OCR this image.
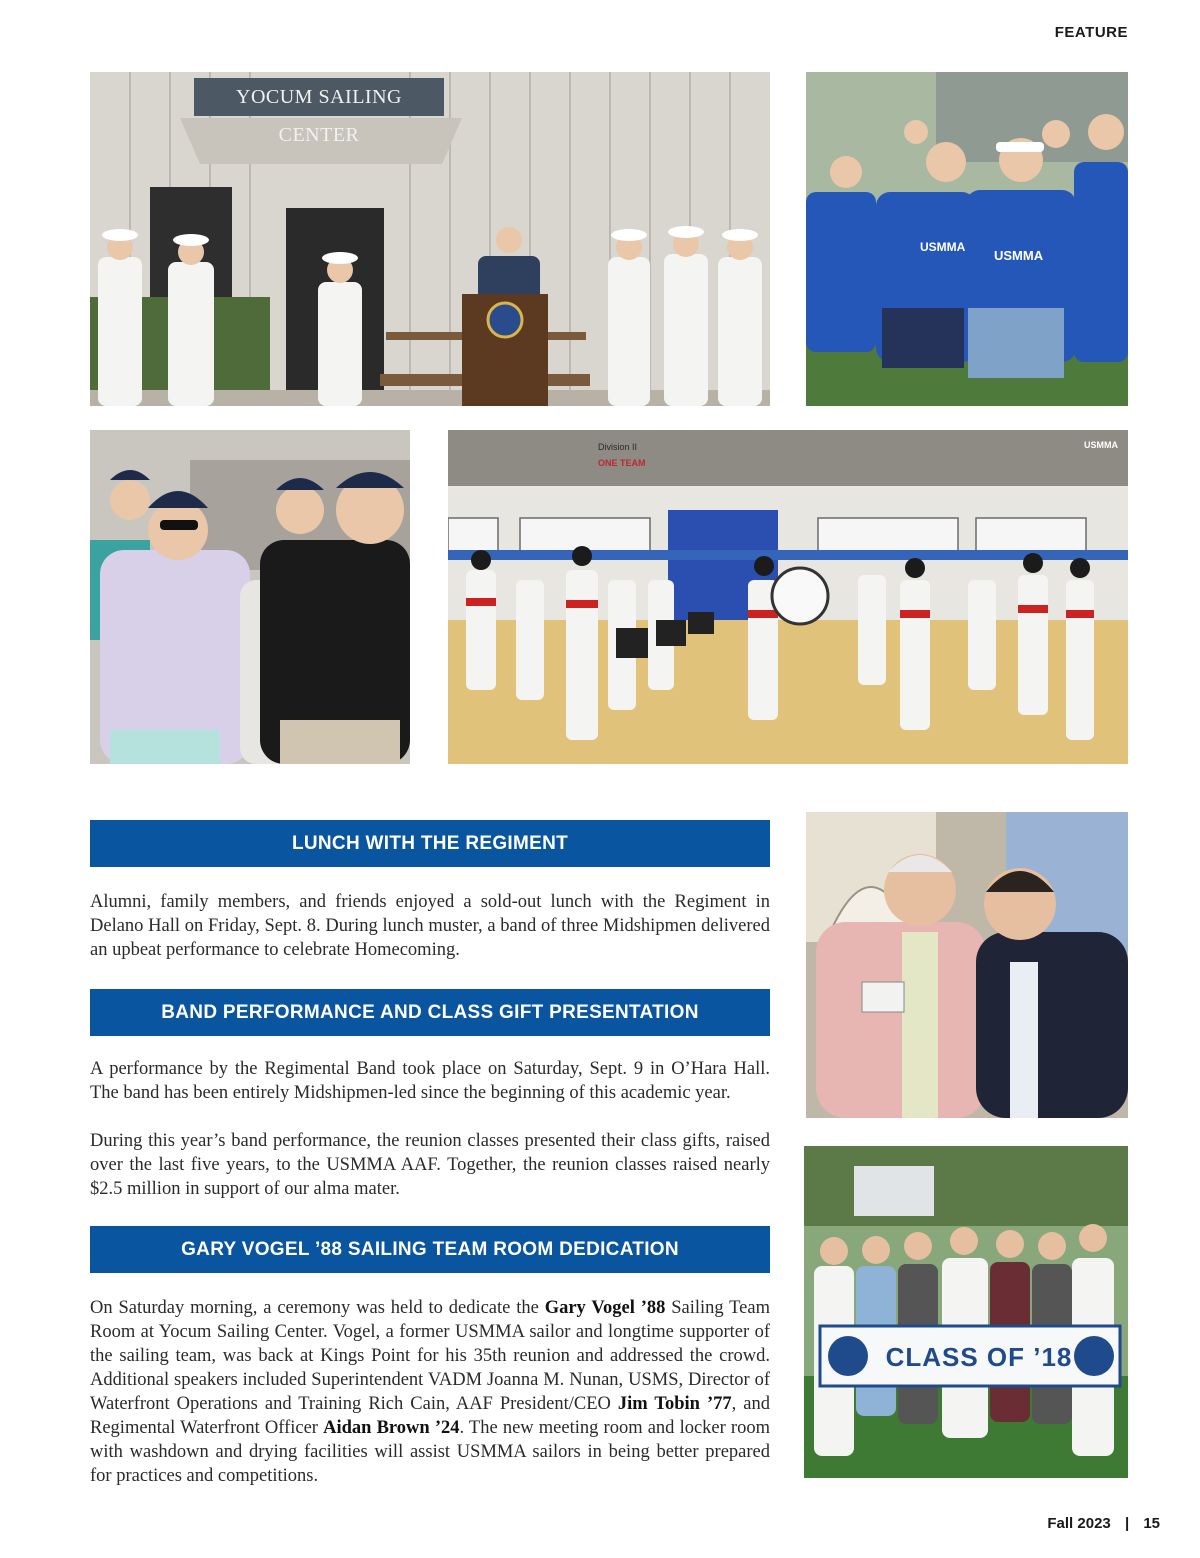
FEATURE
YOCUM SAILING CENTER
USMMA
USMMA
Division II
ONE TEAM
USMMA
CLASS OF ’18
LUNCH WITH THE REGIMENT

Alumni, family members, and friends enjoyed a sold-out lunch with the Regiment in Delano Hall on Friday, Sept. 8. During lunch muster, a band of three Midshipmen delivered an upbeat performance to celebrate Homecoming.

BAND PERFORMANCE AND CLASS GIFT PRESENTATION

A performance by the Regimental Band took place on Saturday, Sept. 9 in O’Hara Hall. The band has been entirely Midshipmen-led since the beginning of this academic year.

During this year’s band performance, the reunion classes presented their class gifts, raised over the last five years, to the USMMA AAF. Together, the reunion classes raised nearly $2.5 million in support of our alma mater.

GARY VOGEL ’88 SAILING TEAM ROOM DEDICATION

On Saturday morning, a ceremony was held to dedicate the Gary Vogel ’88 Sailing Team Room at Yocum Sailing Center. Vogel, a former USMMA sailor and longtime supporter of the sailing team, was back at Kings Point for his 35th reunion and addressed the crowd. Additional speakers included Superintendent VADM Joanna M. Nunan, USMS, Director of Waterfront Operations and Training Rich Cain, AAF President/CEO Jim Tobin ’77, and Regimental Waterfront Officer Aidan Brown ’24. The new meeting room and locker room with washdown and drying facilities will assist USMMA sailors in being better prepared for practices and competitions.

Fall 2023 | 15
